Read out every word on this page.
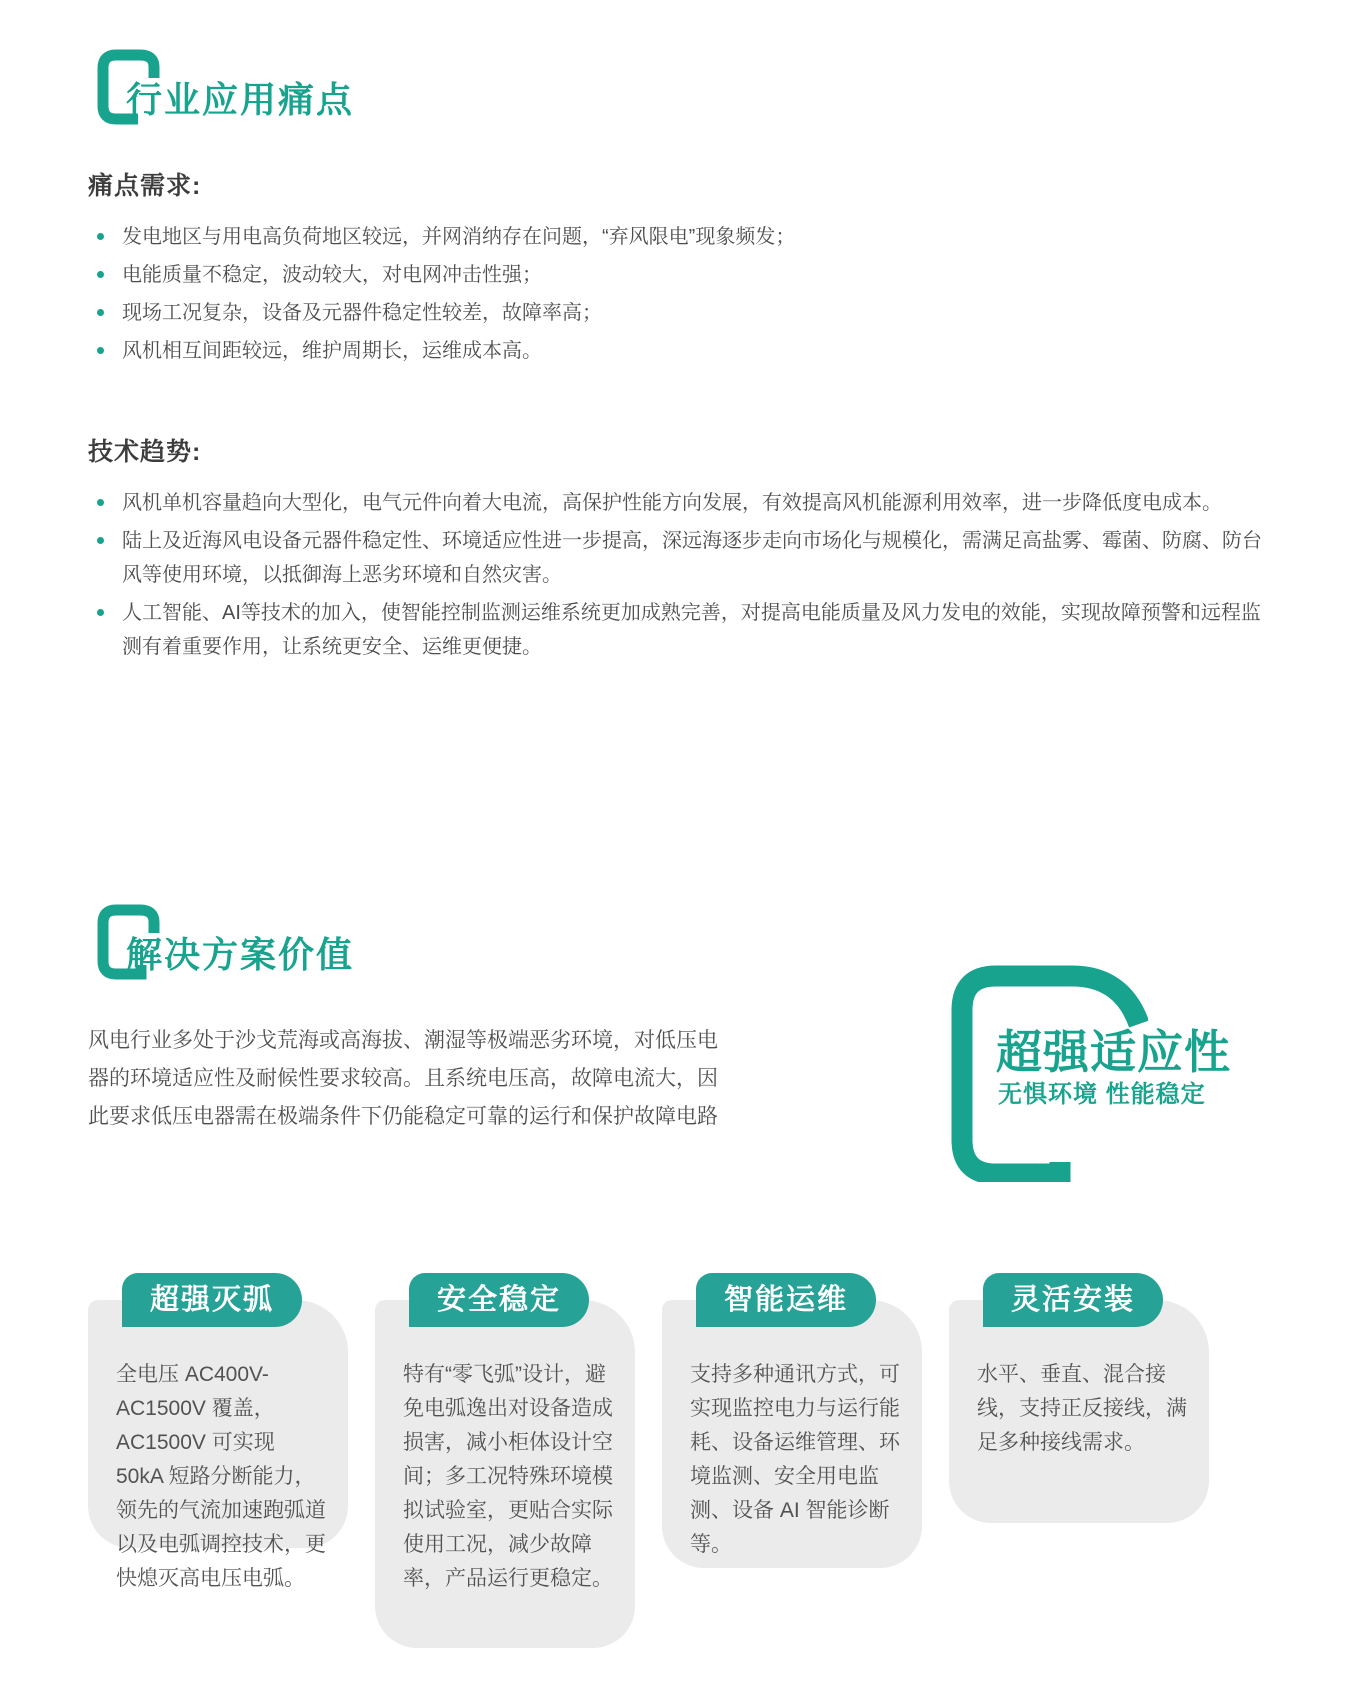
行业应用痛点
痛点需求:
发电地区与用电高负荷地区较远，并网消纳存在问题，“弃风限电”现象频发；
电能质量不稳定，波动较大，对电网冲击性强；
现场工况复杂，设备及元器件稳定性较差，故障率高；
风机相互间距较远，维护周期长，运维成本高。
技术趋势:
风机单机容量趋向大型化，电气元件向着大电流，高保护性能方向发展，有效提高风机能源利用效率，进一步降低度电成本。
陆上及近海风电设备元器件稳定性、环境适应性进一步提高，深远海逐步走向市场化与规模化，需满足高盐雾、霉菌、防腐、防台风等使用环境，以抵御海上恶劣环境和自然灾害。
人工智能、AI等技术的加入，使智能控制监测运维系统更加成熟完善，对提高电能质量及风力发电的效能，实现故障预警和远程监测有着重要作用，让系统更安全、运维更便捷。
解决方案价值
风电行业多处于沙戈荒海或高海拔、潮湿等极端恶劣环境，对低压电器的环境适应性及耐候性要求较高。且系统电压高，故障电流大，因此要求低压电器需在极端条件下仍能稳定可靠的运行和保护故障电路
超强适应性
无惧环境 性能稳定
超强灭弧
全电压 AC400V-AC1500V 覆盖，AC1500V 可实现 50kA 短路分断能力，领先的气流加速跑弧道以及电弧调控技术，更快熄灭高电压电弧。
安全稳定
特有“零飞弧”设计，避免电弧逸出对设备造成损害，减小柜体设计空间；多工况特殊环境模拟试验室，更贴合实际使用工况，减少故障率，产品运行更稳定。
智能运维
支持多种通讯方式，可实现监控电力与运行能耗、设备运维管理、环境监测、安全用电监测、设备 AI 智能诊断等。
灵活安装
水平、垂直、混合接线，支持正反接线，满足多种接线需求。
